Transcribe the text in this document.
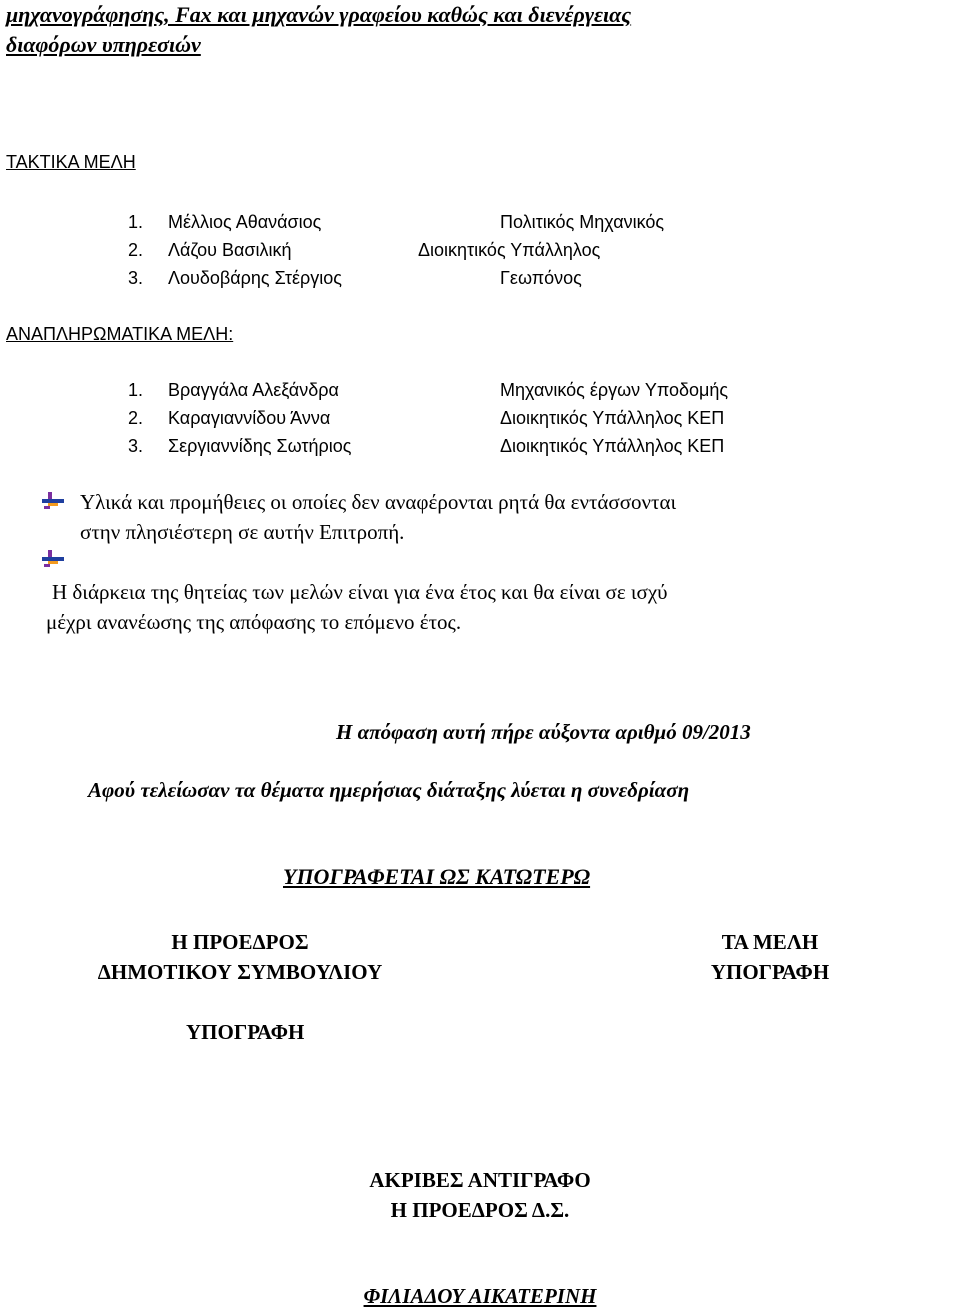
μηχανογράφησης, Fax και μηχανών γραφείου καθώς και διενέργειας
διαφόρων υπηρεσιών
ΤΑΚΤΙΚΑ ΜΕΛΗ
1. Μέλλιος Αθανάσιος	Πολιτικός Μηχανικός
2. Λάζου Βασιλική	Διοικητικός Υπάλληλος
3. Λουδοβάρης Στέργιος	Γεωπόνος
ΑΝΑΠΛΗΡΩΜΑΤΙΚΑ ΜΕΛΗ:
1. Βραγγάλα Αλεξάνδρα	Μηχανικός έργων Υποδομής
2. Καραγιαννίδου Άννα	Διοικητικός Υπάλληλος ΚΕΠ
3. Σεργιαννίδης Σωτήριος	Διοικητικός Υπάλληλος ΚΕΠ
Υλικά και προμήθειες οι οποίες δεν αναφέρονται ρητά θα εντάσσονται
στην πλησιέστερη σε αυτήν Επιτροπή.
Η διάρκεια της θητείας των μελών είναι για ένα έτος και θα είναι σε ισχύ
μέχρι ανανέωσης της απόφασης το επόμενο έτος.
Η απόφαση αυτή πήρε αύξοντα αριθμό 09/2013
Αφού τελείωσαν τα θέματα ημερήσιας διάταξης λύεται η συνεδρίαση
ΥΠΟΓΡΑΦΕΤΑΙ ΩΣ ΚΑΤΩΤΕΡΩ
Η ΠΡΟΕΔΡΟΣ
ΔΗΜΟΤΙΚΟΥ ΣΥΜΒΟΥΛΙΟΥ
ΥΠΟΓΡΑΦΗ
ΤΑ ΜΕΛΗ
ΥΠΟΓΡΑΦΗ
ΑΚΡΙΒΕΣ ΑΝΤΙΓΡΑΦΟ
Η ΠΡΟΕΔΡΟΣ Δ.Σ.
ΦΙΛΙΑΔΟΥ ΑΙΚΑΤΕΡΙΝΗ
